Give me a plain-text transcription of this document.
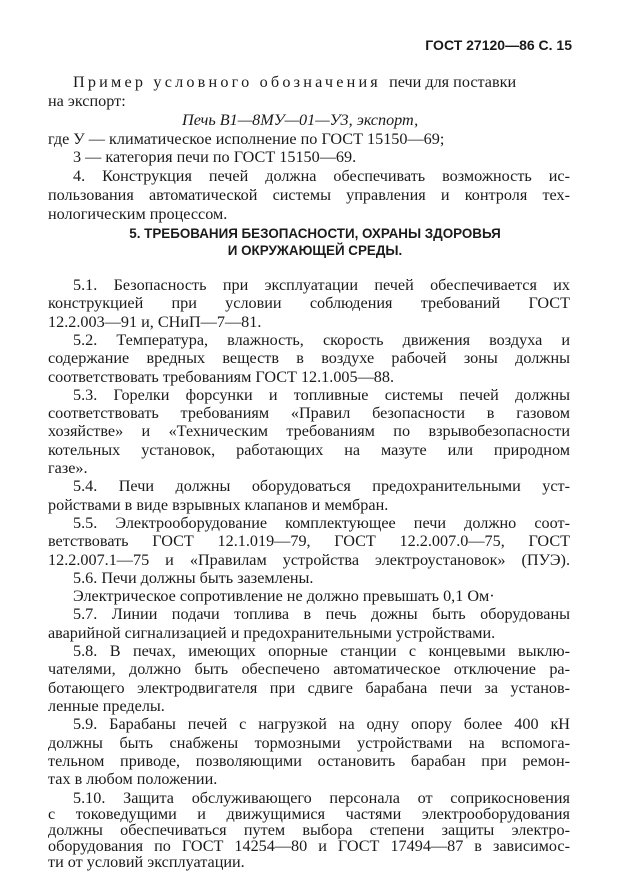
ГОСТ 27120—86 С. 15

Пример условного обозначения печи для поставки

на экспорт:

Печь В1—8МУ—01—У3, экспорт,

где У — климатическое исполнение по ГОСТ 15150—69;

3 — категория печи по ГОСТ 15150—69.

4. Конструкция печей должна обеспечивать возможность ис-

пользования автоматической системы управления и контроля тех-

нологическим процессом.

5. ТРЕБОВАНИЯ БЕЗОПАСНОСТИ, ОХРАНЫ ЗДОРОВЬЯ
И ОКРУЖАЮЩЕЙ СРЕДЫ.

5.1. Безопасность при эксплуатации печей обеспечивается их

конструкцией при условии соблюдения требований ГОСТ

12.2.003—91 и, СНиП—7—81.

5.2. Температура, влажность, скорость движения воздуха и

содержание вредных веществ в воздухе рабочей зоны должны

соответствовать требованиям ГОСТ 12.1.005—88.

5.3. Горелки форсунки и топливные системы печей должны

соответствовать требованиям «Правил безопасности в газовом

хозяйстве» и «Техническим требованиям по взрывобезопасности

котельных установок, работающих на мазуте или природном

газе».

5.4. Печи должны оборудоваться предохранительными уст-

ройствами в виде взрывных клапанов и мембран.

5.5. Электрооборудование комплектующее печи должно соот-

ветствовать ГОСТ 12.1.019—79, ГОСТ 12.2.007.0—75, ГОСТ

12.2.007.1—75 и «Правилам устройства электроустановок» (ПУЭ).

5.6. Печи должны быть заземлены.

Электрическое сопротивление не должно превышать 0,1 Ом·

5.7. Линии подачи топлива в печь дожны быть оборудованы

аварийной сигнализацией и предохранительными устройствами.

5.8. В печах, имеющих опорные станции с концевыми выклю-

чателями, должно быть обеспечено автоматическое отключение ра-

ботающего электродвигателя при сдвиге барабана печи за установ-

ленные пределы.

5.9. Барабаны печей с нагрузкой на одну опору более 400 кН

должны быть снабжены тормозными устройствами на вспомога-

тельном приводе, позволяющими остановить барабан при ремон-

тах в любом положении.

5.10. Защита обслуживающего персонала от соприкосновения

с токоведущими и движущимися частями электрооборудования

должны обеспечиваться путем выбора степени защиты электро-

оборудования по ГОСТ 14254—80 и ГОСТ 17494—87 в зависимос-

ти от условий эксплуатации.
